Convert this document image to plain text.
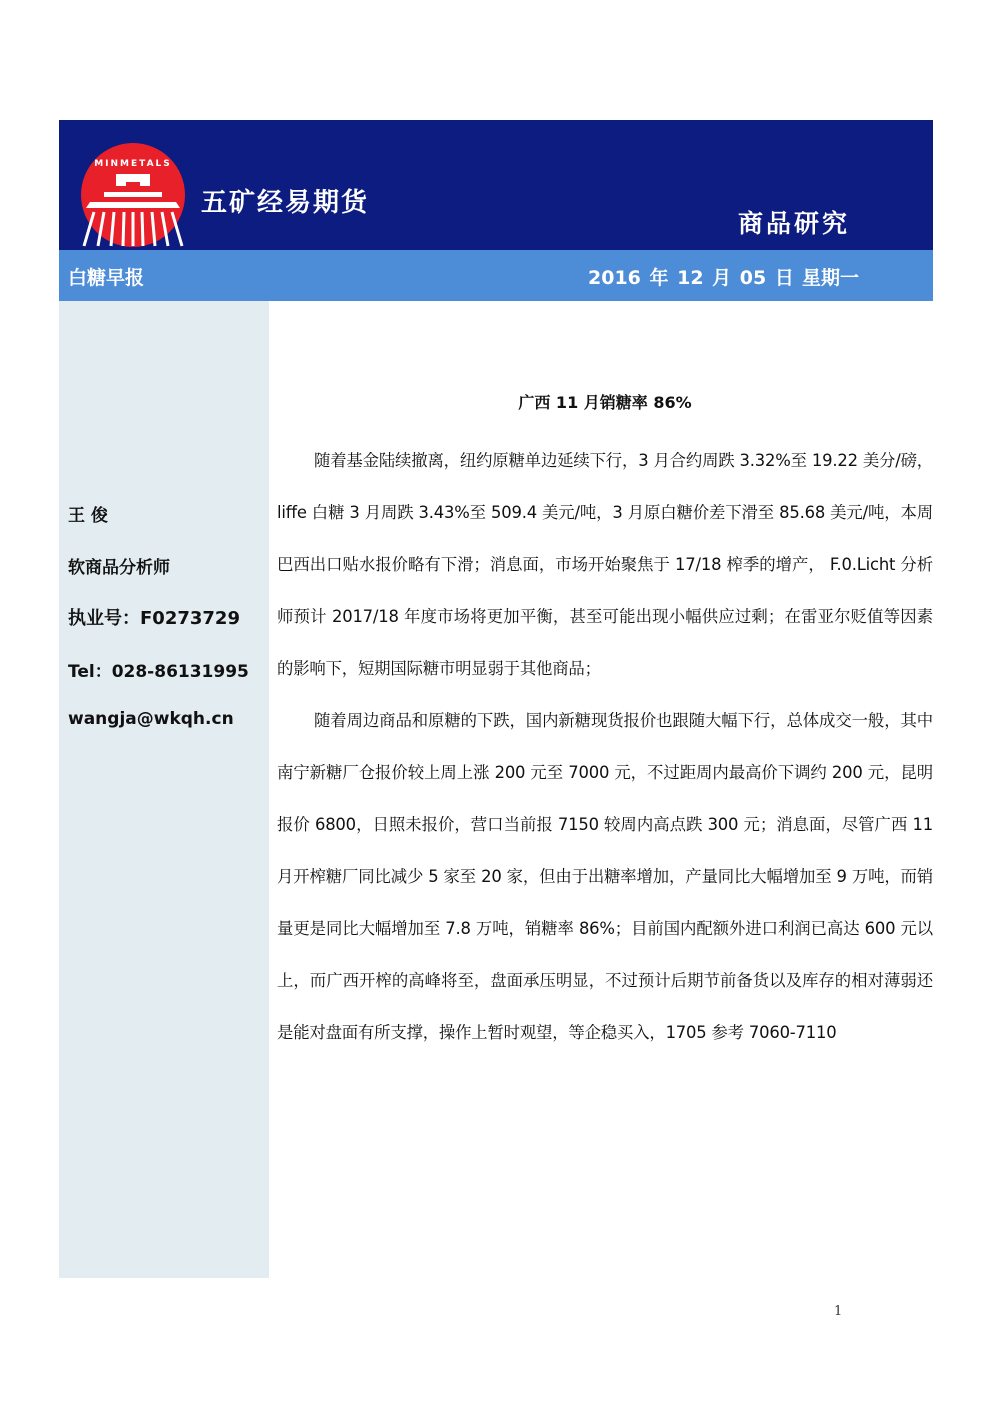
MINMETALS
五矿经易期货
商品研究
白糖早报	2016 年 12 月 05 日 星期一
王 俊
软商品分析师
执业号：F0273729
Tel：028-86131995
wangja@wkqh.cn
广西 11 月销糖率 86%

随着基金陆续撤离，纽约原糖单边延续下行，3 月合约周跌 3.32%至 19.22 美分/磅，liffe 白糖 3 月周跌 3.43%至 509.4 美元/吨，3 月原白糖价差下滑至 85.68 美元/吨，本周巴西出口贴水报价略有下滑；消息面，市场开始聚焦于 17/18 榨季的增产， F.0.Licht 分析师预计 2017/18 年度市场将更加平衡，甚至可能出现小幅供应过剩；在雷亚尔贬值等因素的影响下，短期国际糖市明显弱于其他商品；

随着周边商品和原糖的下跌，国内新糖现货报价也跟随大幅下行，总体成交一般，其中南宁新糖厂仓报价较上周上涨 200 元至 7000 元，不过距周内最高价下调约 200 元，昆明报价 6800，日照未报价，营口当前报 7150 较周内高点跌 300 元；消息面，尽管广西 11 月开榨糖厂同比减少 5 家至 20 家，但由于出糖率增加，产量同比大幅增加至 9 万吨，而销量更是同比大幅增加至 7.8 万吨，销糖率 86%；目前国内配额外进口利润已高达 600 元以上，而广西开榨的高峰将至，盘面承压明显，不过预计后期节前备货以及库存的相对薄弱还是能对盘面有所支撑，操作上暂时观望，等企稳买入，1705 参考 7060-7110

1
